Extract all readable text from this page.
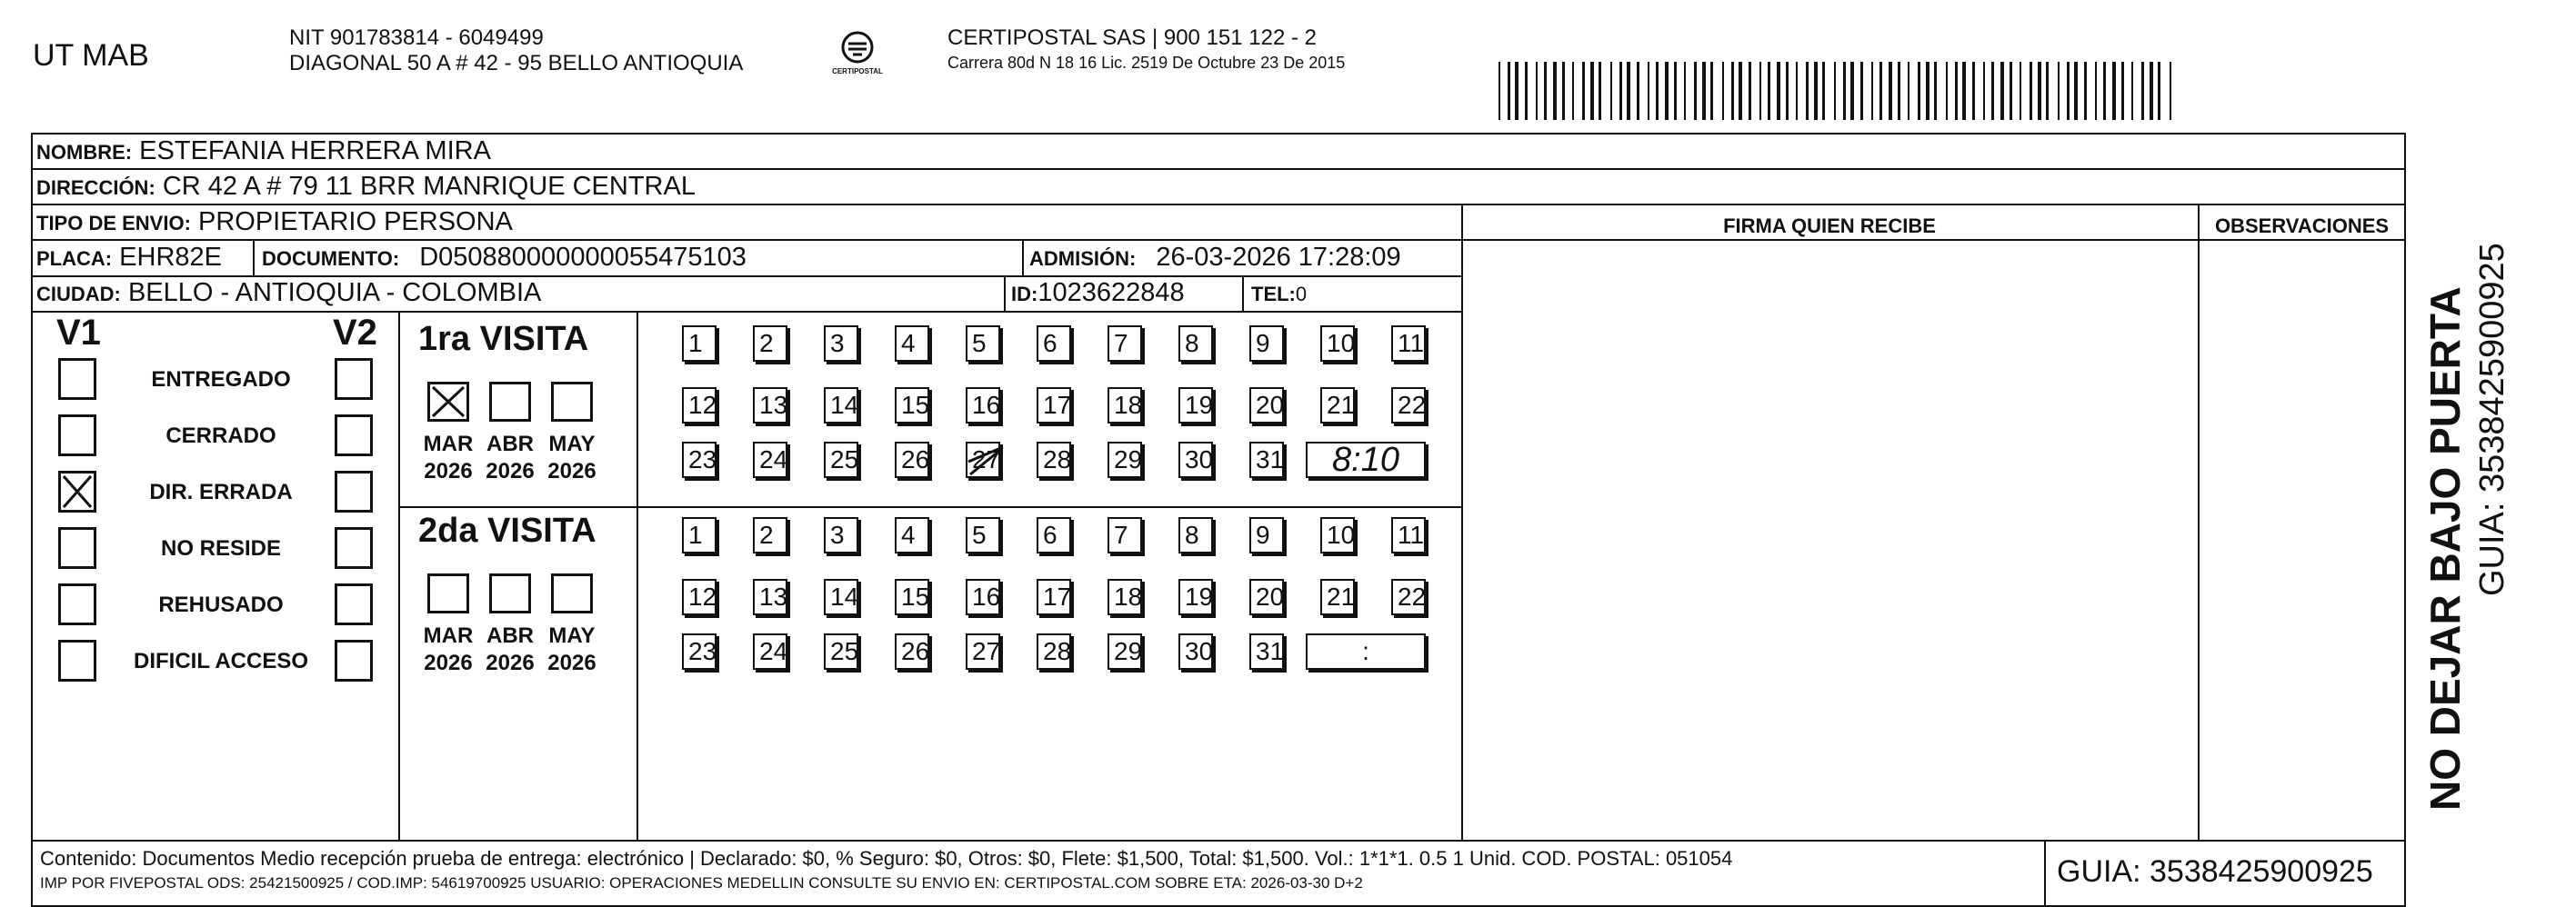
UT MAB
NIT 901783814 - 6049499
DIAGONAL 50 A # 42 - 95 BELLO ANTIOQUIA	CERTIPOSTAL
CERTIPOSTAL SAS | 900 151 122 - 2
Carrera 80d N 18 16 Lic. 2519 De Octubre 23 De 2015
NOMBRE: ESTEFANIA HERRERA MIRA
DIRECCIÓN: CR 42 A # 79 11 BRR MANRIQUE CENTRAL
TIPO DE ENVIO: PROPIETARIO PERSONA
PLACA: EHR82E DOCUMENTO: D050880000000055475103	ADMISIÓN: 26-03-2026 17:28:09
CIUDAD: BELLO - ANTIOQUIA - COLOMBIA	ID:1023622848	TEL:0
FIRMA QUIEN RECIBE	OBSERVACIONES
V1	V2
ENTREGADO
CERRADO
DIR. ERRADA
NO RESIDE
REHUSADO
DIFICIL ACCESO
1ra VISITA
2da VISITA
MAR
2026
ABR
2026
MAY
2026
1	2	3	4	5	6	7	8	9	10 11
12 13 14 15 16 17 18 19 20 21 22
23 24 25 26 27 28 29 30 31	8:10
MAR
2026
ABR
2026
MAY
2026
1	2	3	4	5	6	7	8	9	10 11
12 13 14 15 16 17 18 19 20 21 22
23 24 25 26 27 28 29 30 31	:
Contenido: Documentos Medio recepción prueba de entrega: electrónico | Declarado: $0, % Seguro: $0, Otros: $0, Flete: $1,500, Total: $1,500. Vol.: 1*1*1. 0.5 1 Unid. COD. POSTAL: 051054
IMP POR FIVEPOSTAL ODS: 25421500925 / COD.IMP: 54619700925 USUARIO: OPERACIONES MEDELLIN CONSULTE SU ENVIO EN: CERTIPOSTAL.COM SOBRE ETA: 2026-03-30 D+2	GUIA: 3538425900925
NO DEJAR BAJO PUERTA GUIA: 3538425900925
